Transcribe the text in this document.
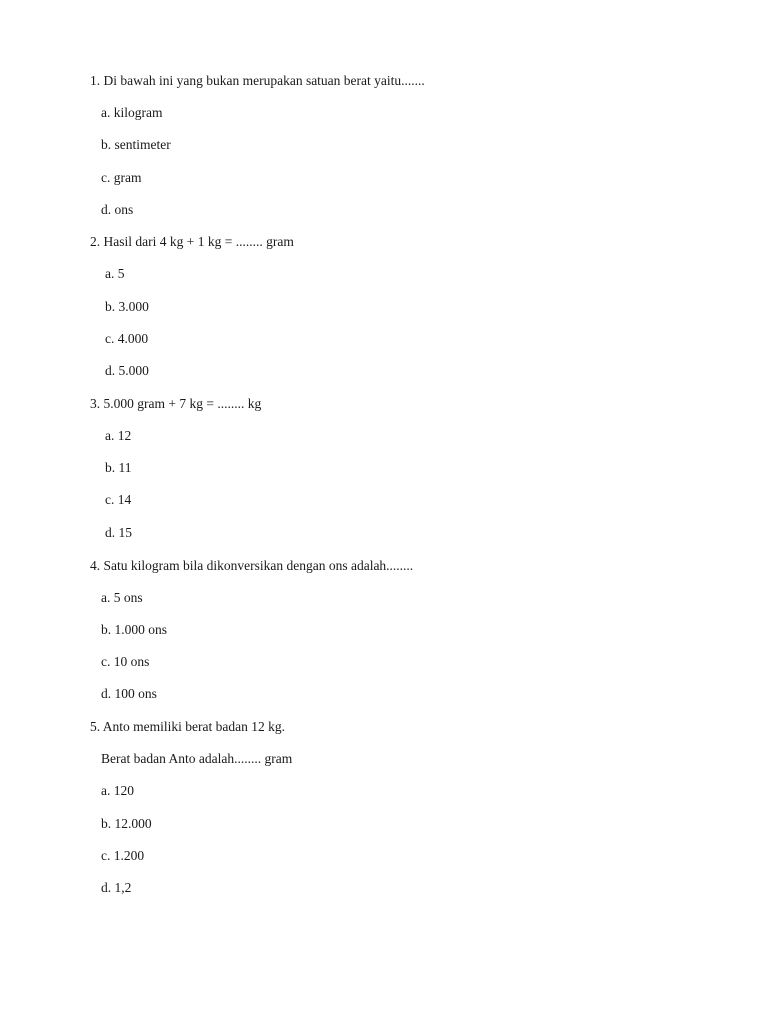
1. Di bawah ini yang bukan merupakan satuan berat yaitu.......
a. kilogram
b. sentimeter
c. gram
d. ons
2. Hasil dari 4 kg + 1 kg = ........ gram
a. 5
b. 3.000
c. 4.000
d. 5.000
3. 5.000 gram + 7 kg = ........ kg
a. 12
b. 11
c. 14
d. 15
4. Satu kilogram bila dikonversikan dengan ons adalah........
a. 5 ons
b. 1.000 ons
c. 10 ons
d. 100 ons
5. Anto memiliki berat badan 12 kg.
Berat badan Anto adalah........ gram
a. 120
b. 12.000
c. 1.200
d. 1,2
